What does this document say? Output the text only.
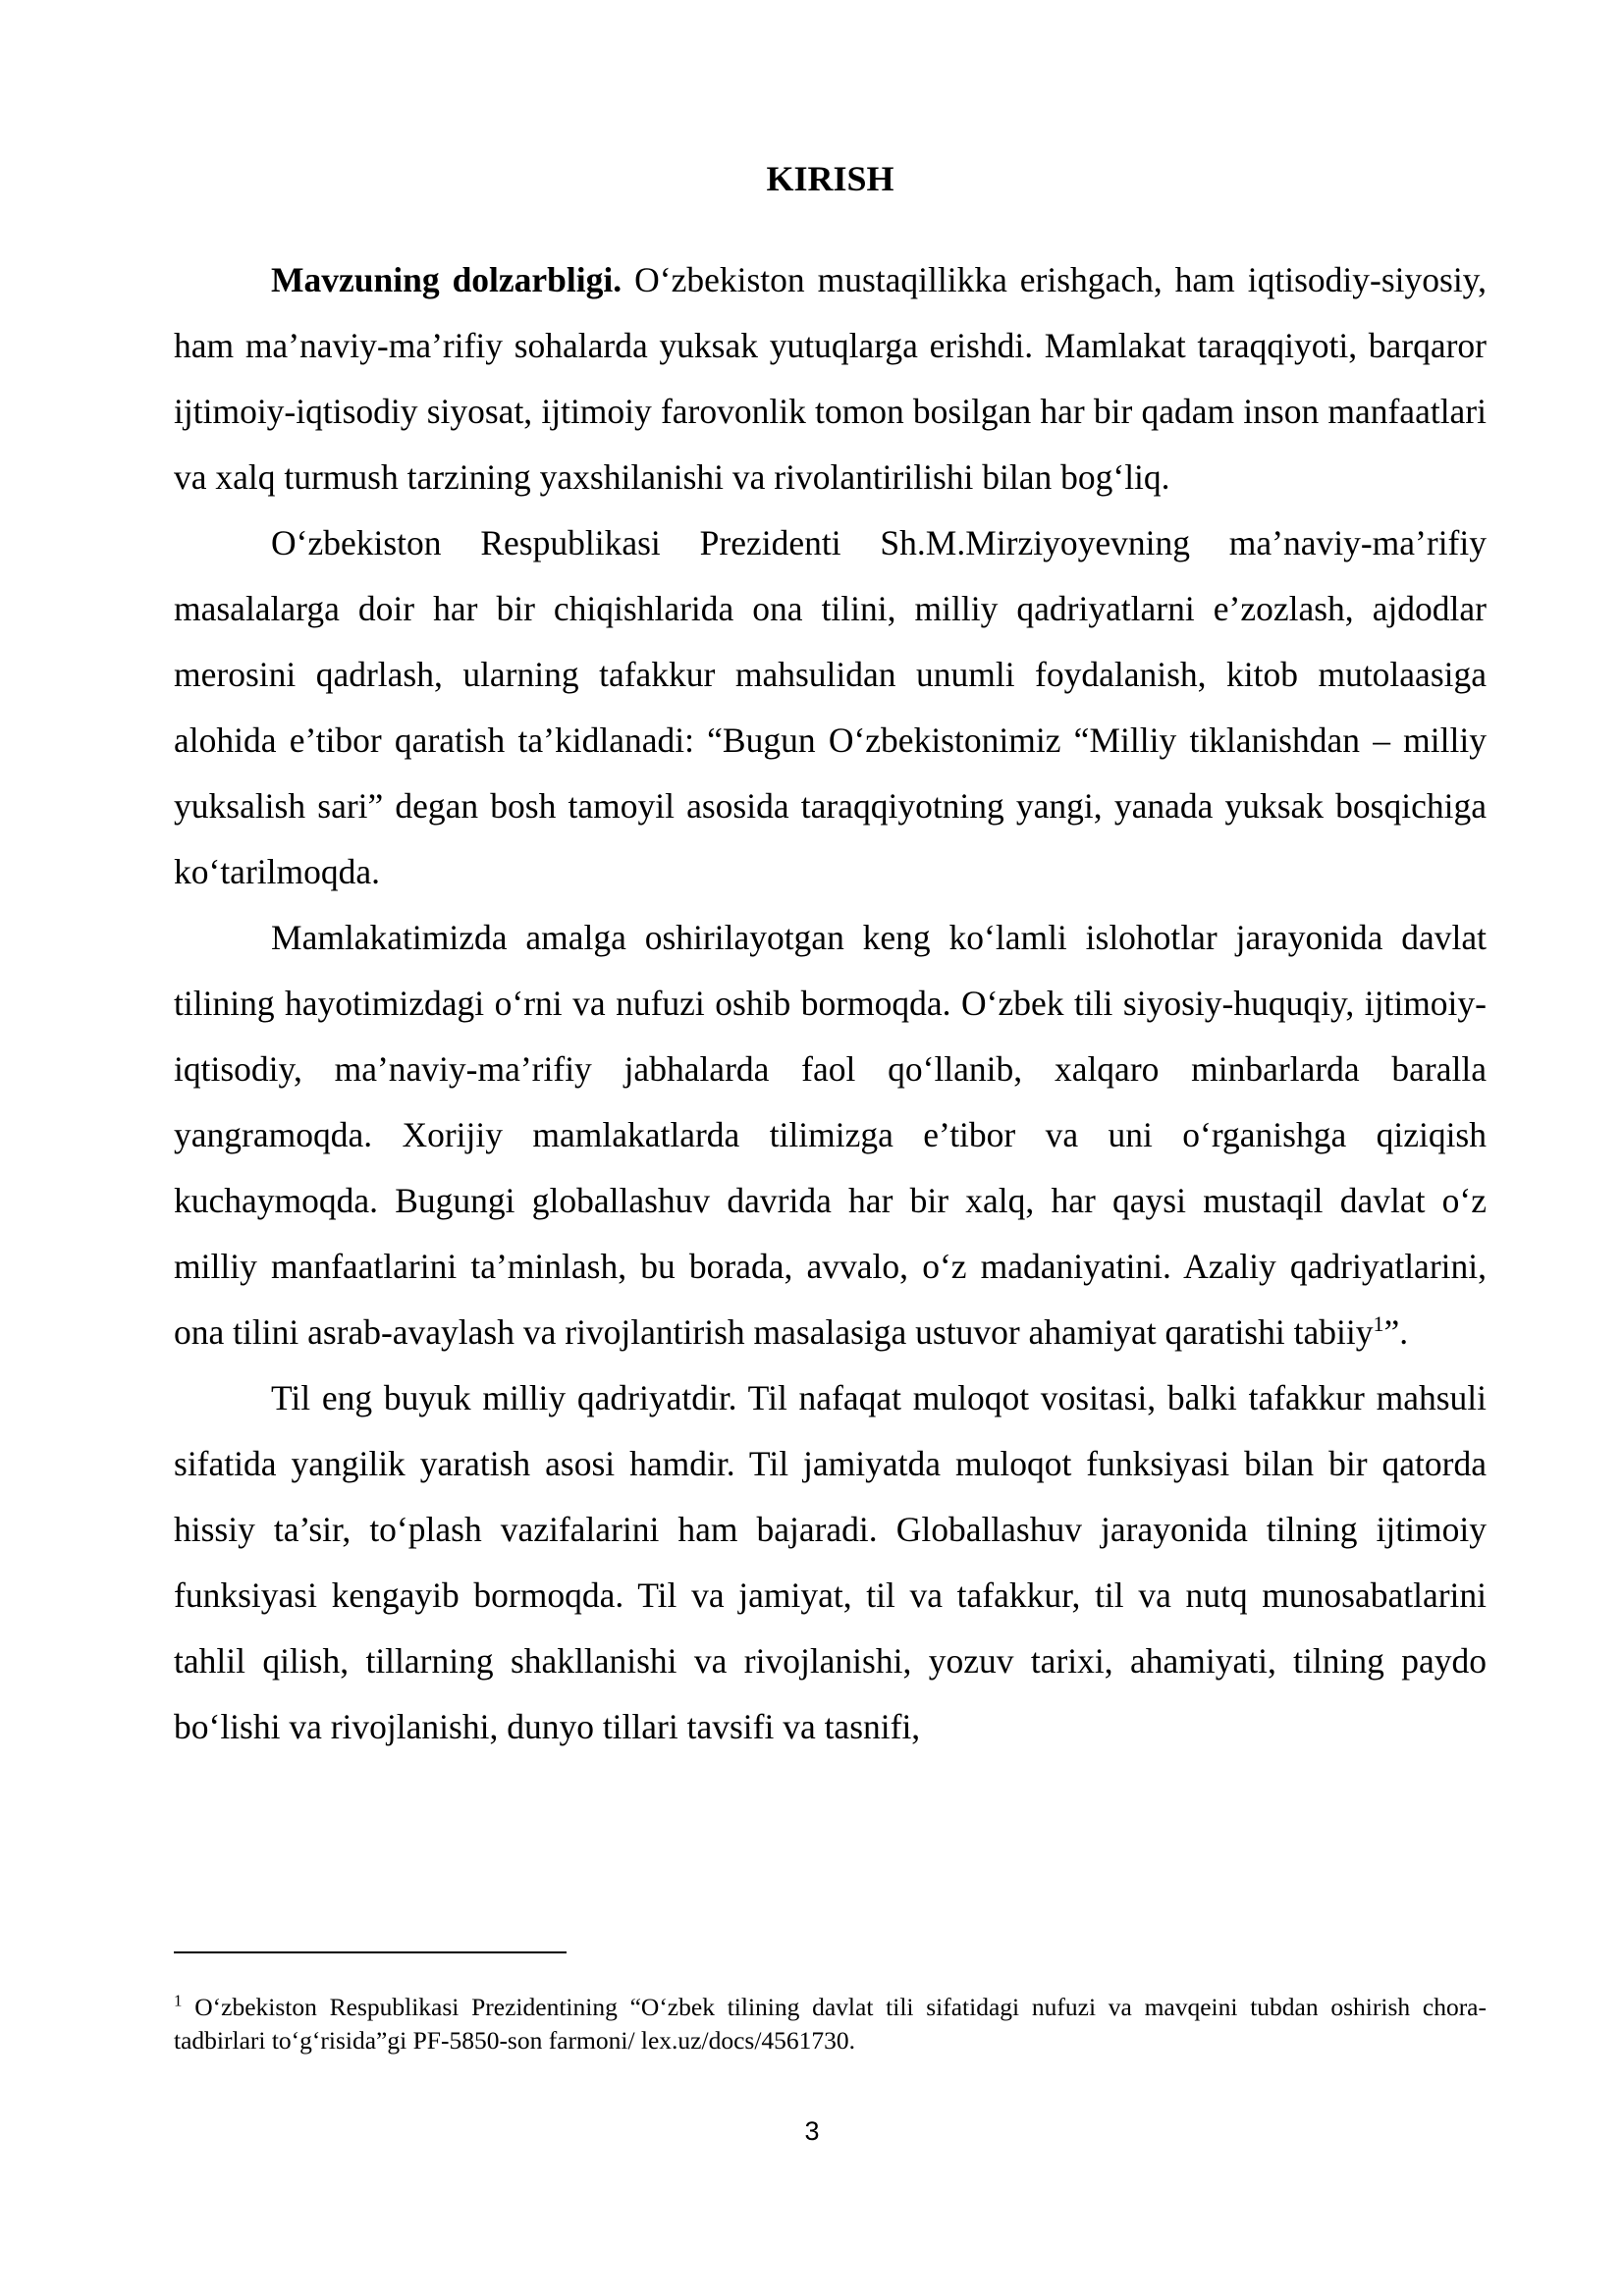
KIRISH

Mavzuning dolzarbligi. O‘zbekiston mustaqillikka erishgach, ham iqtisodiy-siyosiy, ham ma’naviy-ma’rifiy sohalarda yuksak yutuqlarga erishdi. Mamlakat taraqqiyoti, barqaror ijtimoiy-iqtisodiy siyosat, ijtimoiy farovonlik tomon bosilgan har bir qadam inson manfaatlari va xalq turmush tarzining yaxshilanishi va rivolantirilishi bilan bog‘liq.

O‘zbekiston Respublikasi Prezidenti Sh.M.Mirziyoyevning ma’naviy-ma’rifiy masalalarga doir har bir chiqishlarida ona tilini, milliy qadriyatlarni e’zozlash, ajdodlar merosini qadrlash, ularning tafakkur mahsulidan unumli foydalanish, kitob mutolaasiga alohida e’tibor qaratish ta’kidlanadi: “Bugun O‘zbekistonimiz “Milliy tiklanishdan – milliy yuksalish sari” degan bosh tamoyil asosida taraqqiyotning yangi, yanada yuksak bosqichiga ko‘tarilmoqda.

Mamlakatimizda amalga oshirilayotgan keng ko‘lamli islohotlar jarayonida davlat tilining hayotimizdagi o‘rni va nufuzi oshib bormoqda. O‘zbek tili siyosiy-huquqiy, ijtimoiy-iqtisodiy, ma’naviy-ma’rifiy jabhalarda faol qo‘llanib, xalqaro minbarlarda baralla yangramoqda. Xorijiy mamlakatlarda tilimizga e’tibor va uni o‘rganishga qiziqish kuchaymoqda. Bugungi globallashuv davrida har bir xalq, har qaysi mustaqil davlat o‘z milliy manfaatlarini ta’minlash, bu borada, avvalo, o‘z madaniyatini. Azaliy qadriyatlarini, ona tilini asrab-avaylash va rivojlantirish masalasiga ustuvor ahamiyat qaratishi tabiiy$^1$”.

Til eng buyuk milliy qadriyatdir. Til nafaqat muloqot vositasi, balki tafakkur mahsuli sifatida yangilik yaratish asosi hamdir. Til jamiyatda muloqot funksiyasi bilan bir qatorda hissiy ta’sir, to‘plash vazifalarini ham bajaradi. Globallashuv jarayonida tilning ijtimoiy funksiyasi kengayib bormoqda. Til va jamiyat, til va tafakkur, til va nutq munosabatlarini tahlil qilish, tillarning shakllanishi va rivojlanishi, yozuv tarixi, ahamiyati, tilning paydo bo‘lishi va rivojlanishi, dunyo tillari tavsifi va tasnifi,

$^1$ O‘zbekiston Respublikasi Prezidentining “O‘zbek tilining davlat tili sifatidagi nufuzi va mavqeini tubdan oshirish chora-tadbirlari to‘g‘risida”gi PF-5850-son farmoni/ lex.uz/docs/4561730.
3
